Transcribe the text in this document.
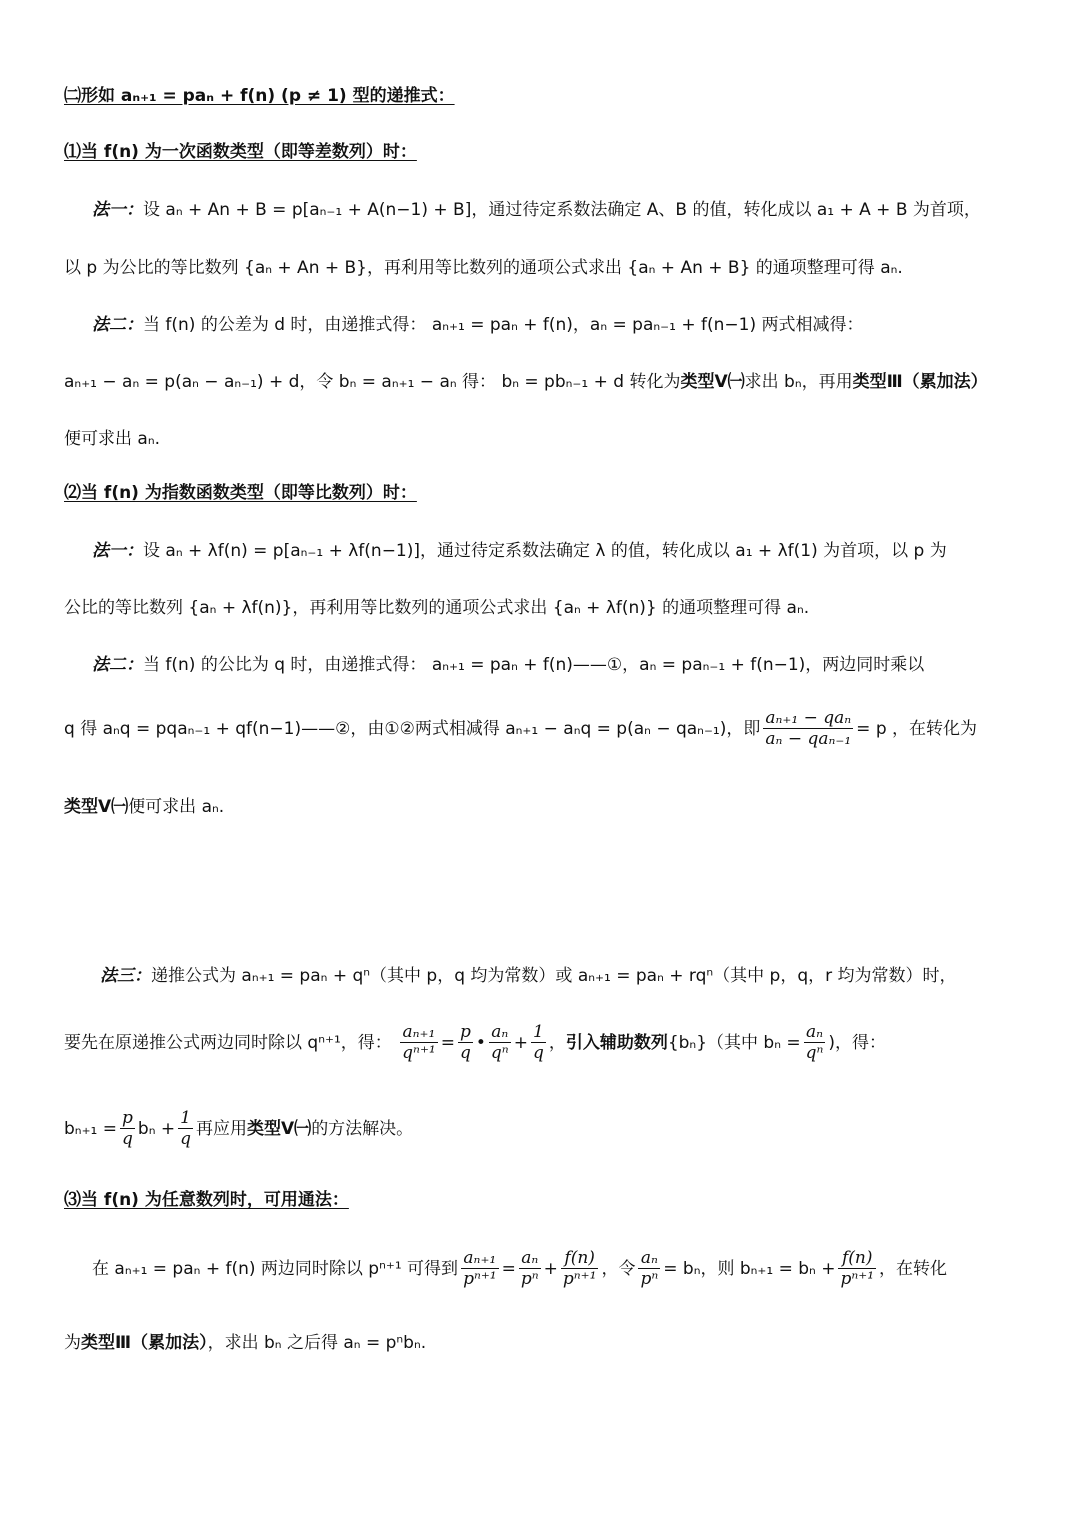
㈡形如 aₙ₊₁ = paₙ + f(n) (p ≠ 1) 型的递推式：
⑴当 f(n) 为一次函数类型（即等差数列）时：
法一：设 aₙ + An + B = p[aₙ₋₁ + A(n−1) + B]，通过待定系数法确定 A、B 的值，转化成以 a₁ + A + B 为首项，
以 p 为公比的等比数列 {aₙ + An + B}，再利用等比数列的通项公式求出 {aₙ + An + B} 的通项整理可得 aₙ.
法二：当 f(n) 的公差为 d 时，由递推式得： aₙ₊₁ = paₙ + f(n)，aₙ = paₙ₋₁ + f(n−1) 两式相减得：
aₙ₊₁ − aₙ = p(aₙ − aₙ₋₁) + d，令 bₙ = aₙ₊₁ − aₙ 得： bₙ = pbₙ₋₁ + d 转化为类型Ⅴ㈠求出 bₙ，再用类型Ⅲ（累加法）
便可求出 aₙ.
⑵当 f(n) 为指数函数类型（即等比数列）时：
法一：设 aₙ + λf(n) = p[aₙ₋₁ + λf(n−1)]，通过待定系数法确定 λ 的值，转化成以 a₁ + λf(1) 为首项，以 p 为
公比的等比数列 {aₙ + λf(n)}，再利用等比数列的通项公式求出 {aₙ + λf(n)} 的通项整理可得 aₙ.
法二：当 f(n) 的公比为 q 时，由递推式得： aₙ₊₁ = paₙ + f(n)——①，aₙ = paₙ₋₁ + f(n−1)，两边同时乘以
q 得 aₙq = pqaₙ₋₁ + qf(n−1)——②，由①②两式相减得 aₙ₊₁ − aₙq = p(aₙ − qaₙ₋₁)，即 $\frac{\text{aₙ₊₁ − qaₙ}}{\text{aₙ − qaₙ₋₁}} = p$ ，在转化为
类型Ⅴ㈠便可求出 aₙ.
法三：递推公式为 aₙ₊₁ = paₙ + qⁿ（其中 p，q 均为常数）或 aₙ₊₁ = paₙ + rqⁿ（其中 p，q，r 均为常数）时，
要先在原递推公式两边同时除以 qⁿ⁺¹，得： $\frac{\text{aₙ₊₁}}{\text{qⁿ⁺¹}} = \frac{p}{q}$ • $\frac{\text{aₙ}}{\text{qⁿ}} + \frac{1}{q}$ ，引入辅助数列{bₙ}（其中 $b_n = \frac{\text{aₙ}}{\text{qⁿ}}$ )，得：
$b_{n+1} = \frac{p}{q}$ $b_n + \frac{1}{q}$ 再应用类型Ⅴ㈠的方法解决。
⑶当 f(n) 为任意数列时，可用通法：
在 aₙ₊₁ = paₙ + f(n) 两边同时除以 pⁿ⁺¹ 可得到 $\frac{\text{aₙ₊₁}}{\text{pⁿ⁺¹}} = \frac{\text{aₙ}}{\text{pⁿ}} + \frac{f(n)}{\text{pⁿ⁺¹}}$ ，令 $\frac{\text{aₙ}}{\text{pⁿ}} = b_n$，则 $b_{n+1} = b_n + \frac{f(n)}{\text{pⁿ⁺¹}}$ ，在转化
为类型Ⅲ（累加法），求出 bₙ 之后得 aₙ = pⁿbₙ.
